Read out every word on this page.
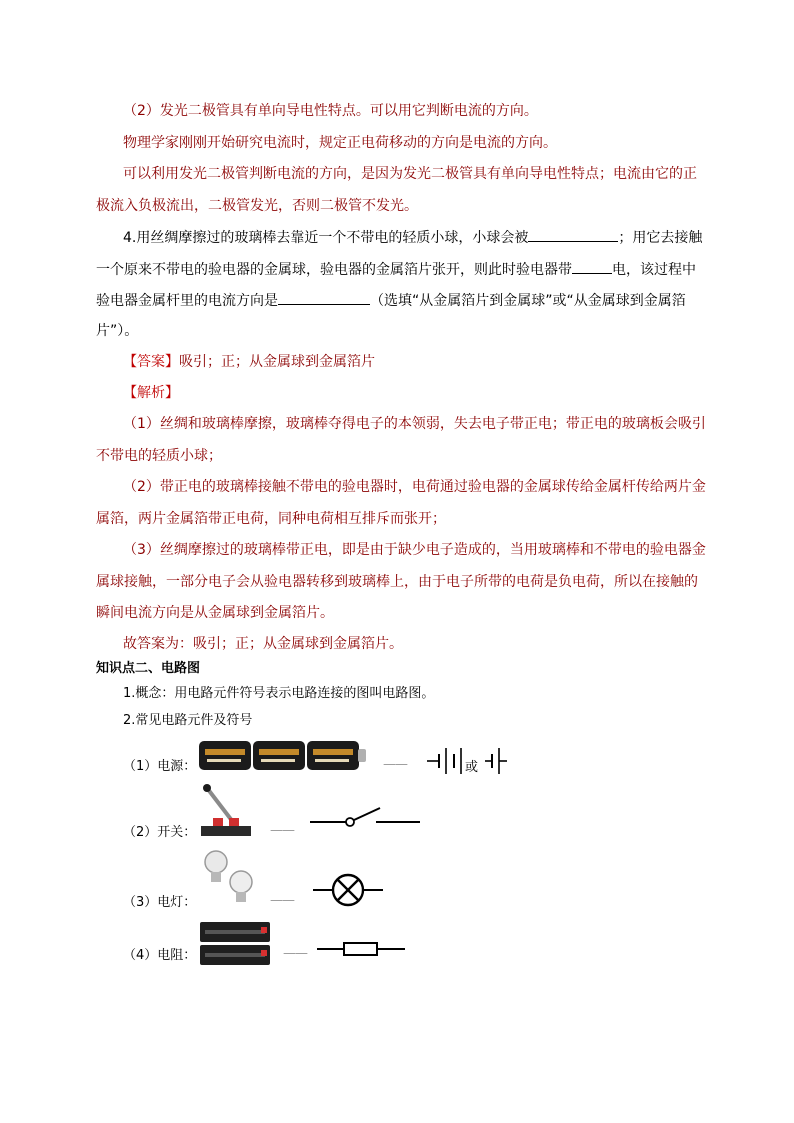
（2）发光二极管具有单向导电性特点。可以用它判断电流的方向。
物理学家刚刚开始研究电流时，规定正电荷移动的方向是电流的方向。
可以利用发光二极管判断电流的方向，是因为发光二极管具有单向导电性特点；电流由它的正
极流入负极流出，二极管发光，否则二极管不发光。
4.用丝绸摩擦过的玻璃棒去靠近一个不带电的轻质小球，小球会被	；用它去接触
一个原来不带电的验电器的金属球，验电器的金属箔片张开，则此时验电器带	电，该过程中
验电器金属杆里的电流方向是	（选填“从金属箔片到金属球”或“从金属球到金属箔
片”）。
【答案】吸引；正；从金属球到金属箔片
【解析】
（1）丝绸和玻璃棒摩擦，玻璃棒夺得电子的本领弱，失去电子带正电；带正电的玻璃板会吸引
不带电的轻质小球；
（2）带正电的玻璃棒接触不带电的验电器时，电荷通过验电器的金属球传给金属杆传给两片金
属箔，两片金属箔带正电荷，同种电荷相互排斥而张开；
（3）丝绸摩擦过的玻璃棒带正电，即是由于缺少电子造成的，当用玻璃棒和不带电的验电器金
属球接触，一部分电子会从验电器转移到玻璃棒上，由于电子所带的电荷是负电荷，所以在接触的
瞬间电流方向是从金属球到金属箔片。
故答案为：吸引；正；从金属球到金属箔片。
知识点二、电路图
1.概念：用电路元件符号表示电路连接的图叫电路图。
2.常见电路元件及符号
（1）电源：	——	或
（2）开关：	——
（3）电灯：	——
（4）电阻：	——
